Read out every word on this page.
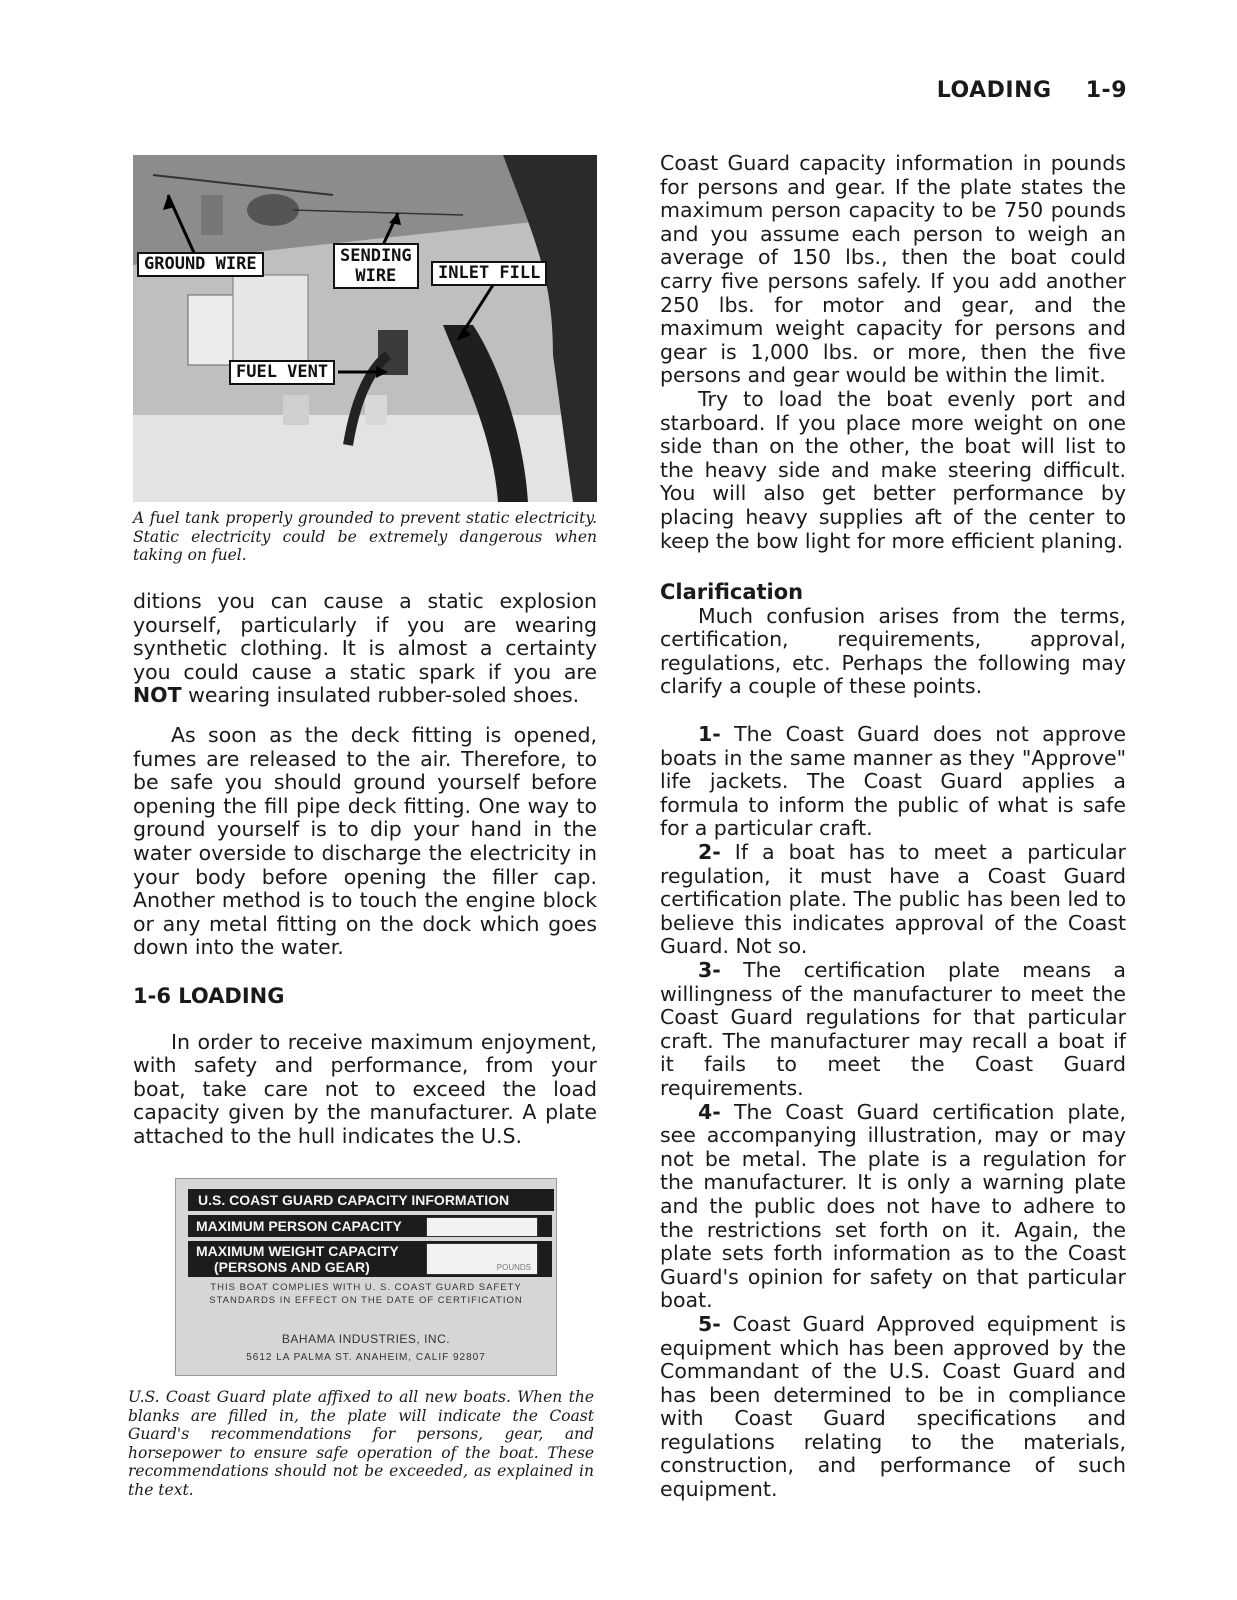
LOADING 1-9
GROUND WIRE	SENDING
WIRE	INLET FILL
FUEL VENT

A fuel tank properly grounded to prevent static electricity. Static electricity could be extremely dangerous when taking on fuel.

ditions you can cause a static explosion yourself, particularly if you are wearing synthetic clothing. It is almost a certainty you could cause a static spark if you are NOT wearing insulated rubber-soled shoes.

As soon as the deck fitting is opened, fumes are released to the air. Therefore, to be safe you should ground yourself before opening the fill pipe deck fitting. One way to ground yourself is to dip your hand in the water overside to discharge the electricity in your body before opening the filler cap. Another method is to touch the engine block or any metal fitting on the dock which goes down into the water.

1-6 LOADING

In order to receive maximum enjoyment, with safety and performance, from your boat, take care not to exceed the load capacity given by the manufacturer. A plate attached to the hull indicates the U.S.

U.S. COAST GUARD CAPACITY INFORMATION
MAXIMUM PERSON CAPACITY
MAXIMUM WEIGHT CAPACITY
(PERSONS AND GEAR)	POUNDS
THIS BOAT COMPLIES WITH U. S. COAST GUARD SAFETY
STANDARDS IN EFFECT ON THE DATE OF CERTIFICATION
BAHAMA INDUSTRIES, INC.
5612 LA PALMA ST. ANAHEIM, CALIF 92807

U.S. Coast Guard plate affixed to all new boats. When the blanks are filled in, the plate will indicate the Coast Guard's recommendations for persons, gear, and horsepower to ensure safe operation of the boat. These recommendations should not be exceeded, as explained in the text.

Coast Guard capacity information in pounds for persons and gear. If the plate states the maximum person capacity to be 750 pounds and you assume each person to weigh an average of 150 lbs., then the boat could carry five persons safely. If you add another 250 lbs. for motor and gear, and the maximum weight capacity for persons and gear is 1,000 lbs. or more, then the five persons and gear would be within the limit.

Try to load the boat evenly port and starboard. If you place more weight on one side than on the other, the boat will list to the heavy side and make steering difficult. You will also get better performance by placing heavy supplies aft of the center to keep the bow light for more efficient planing.

Clarification

Much confusion arises from the terms, certification, requirements, approval, regulations, etc. Perhaps the following may clarify a couple of these points.

1- The Coast Guard does not approve boats in the same manner as they "Approve" life jackets. The Coast Guard applies a formula to inform the public of what is safe for a particular craft.

2- If a boat has to meet a particular regulation, it must have a Coast Guard certification plate. The public has been led to believe this indicates approval of the Coast Guard. Not so.

3- The certification plate means a willingness of the manufacturer to meet the Coast Guard regulations for that particular craft. The manufacturer may recall a boat if it fails to meet the Coast Guard requirements.

4- The Coast Guard certification plate, see accompanying illustration, may or may not be metal. The plate is a regulation for the manufacturer. It is only a warning plate and the public does not have to adhere to the restrictions set forth on it. Again, the plate sets forth information as to the Coast Guard's opinion for safety on that particular boat.

5- Coast Guard Approved equipment is equipment which has been approved by the Commandant of the U.S. Coast Guard and has been determined to be in compliance with Coast Guard specifications and regulations relating to the materials, construction, and performance of such equipment.
